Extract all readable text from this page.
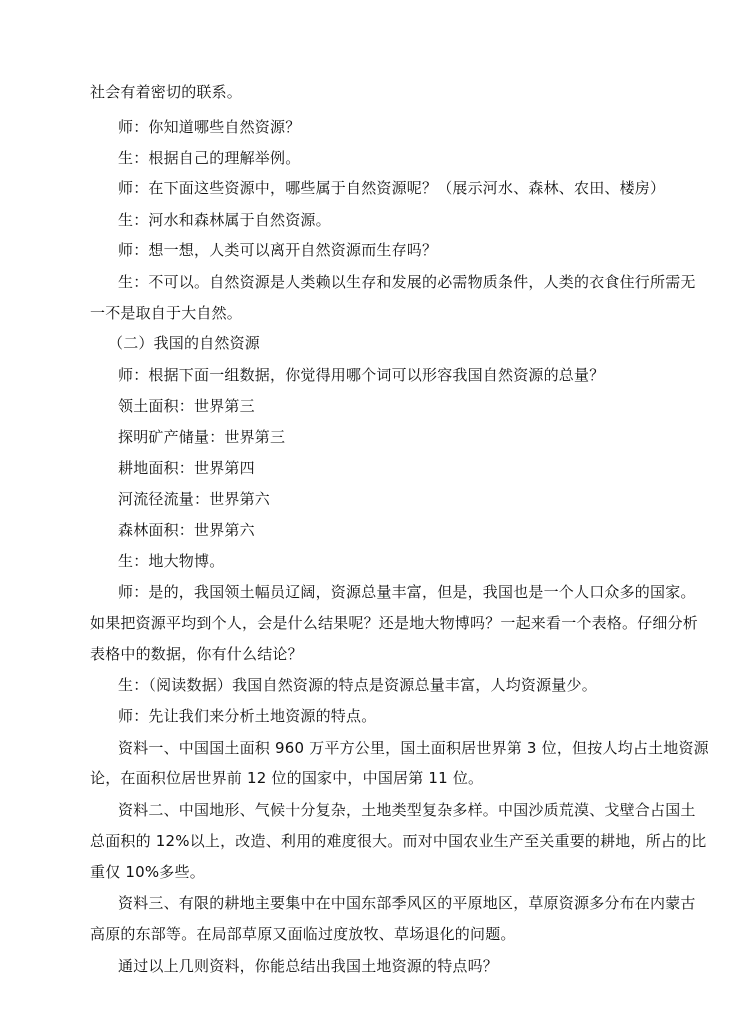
社会有着密切的联系。
师：你知道哪些自然资源？
生：根据自己的理解举例。
师：在下面这些资源中，哪些属于自然资源呢？（展示河水、森林、农田、楼房）
生：河水和森林属于自然资源。
师：想一想，人类可以离开自然资源而生存吗？
生：不可以。自然资源是人类赖以生存和发展的必需物质条件，人类的衣食住行所需无
一不是取自于大自然。
（二）我国的自然资源
师：根据下面一组数据，你觉得用哪个词可以形容我国自然资源的总量？
领土面积：世界第三
探明矿产储量：世界第三
耕地面积：世界第四
河流径流量：世界第六
森林面积：世界第六
生：地大物博。
师：是的，我国领土幅员辽阔，资源总量丰富，但是，我国也是一个人口众多的国家。
如果把资源平均到个人，会是什么结果呢？还是地大物博吗？一起来看一个表格。仔细分析
表格中的数据，你有什么结论？
生：（阅读数据）我国自然资源的特点是资源总量丰富，人均资源量少。
师：先让我们来分析土地资源的特点。
资料一、中国国土面积 960 万平方公里，国土面积居世界第 3 位，但按人均占土地资源
论，在面积位居世界前 12 位的国家中，中国居第 11 位。
资料二、中国地形、气候十分复杂，土地类型复杂多样。中国沙质荒漠、戈壁合占国土
总面积的 12%以上，改造、利用的难度很大。而对中国农业生产至关重要的耕地，所占的比
重仅 10%多些。
资料三、有限的耕地主要集中在中国东部季风区的平原地区，草原资源多分布在内蒙古
高原的东部等。在局部草原又面临过度放牧、草场退化的问题。
通过以上几则资料，你能总结出我国土地资源的特点吗？
